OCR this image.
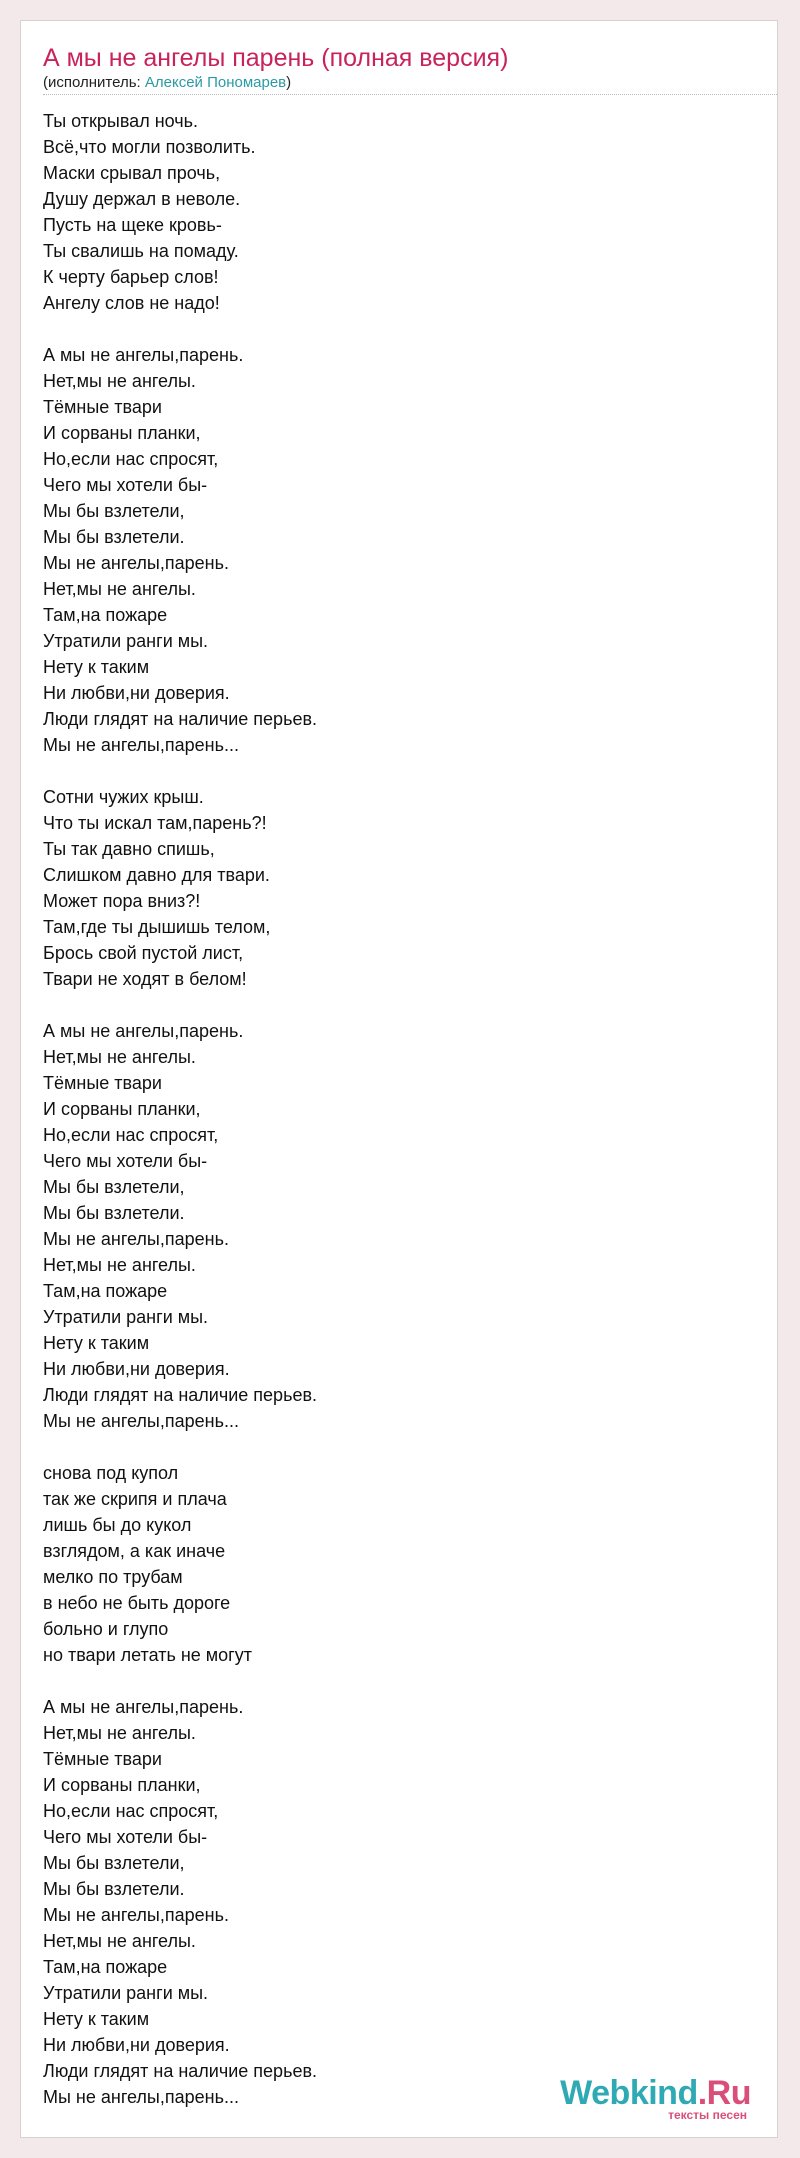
А мы не ангелы парень (полная версия)
(исполнитель: Алексей Пономарев)
Ты открывал ночь.
Всё,что могли позволить.
Маски срывал прочь,
Душу держал в неволе.
Пусть на щеке кровь-
Ты свалишь на помаду.
К черту барьер слов!
Ангелу слов не надо!
А мы не ангелы,парень.
Нет,мы не ангелы.
Тёмные твари
И сорваны планки,
Но,если нас спросят,
Чего мы хотели бы-
Мы бы взлетели,
Мы бы взлетели.
Мы не ангелы,парень.
Нет,мы не ангелы.
Там,на пожаре
Утратили ранги мы.
Нету к таким
Ни любви,ни доверия.
Люди глядят на наличие перьев.
Мы не ангелы,парень...
Сотни чужих крыш.
Что ты искал там,парень?!
Ты так давно спишь,
Слишком давно для твари.
Может пора вниз?!
Там,где ты дышишь телом,
Брось свой пустой лист,
Твари не ходят в белом!
А мы не ангелы,парень.
Нет,мы не ангелы.
Тёмные твари
И сорваны планки,
Но,если нас спросят,
Чего мы хотели бы-
Мы бы взлетели,
Мы бы взлетели.
Мы не ангелы,парень.
Нет,мы не ангелы.
Там,на пожаре
Утратили ранги мы.
Нету к таким
Ни любви,ни доверия.
Люди глядят на наличие перьев.
Мы не ангелы,парень...
снова под купол
так же скрипя и плача
лишь бы до кукол
взглядом, а как иначе
мелко по трубам
в небо не быть дороге
больно и глупо
но твари летать не могут
А мы не ангелы,парень.
Нет,мы не ангелы.
Тёмные твари
И сорваны планки,
Но,если нас спросят,
Чего мы хотели бы-
Мы бы взлетели,
Мы бы взлетели.
Мы не ангелы,парень.
Нет,мы не ангелы.
Там,на пожаре
Утратили ранги мы.
Нету к таким
Ни любви,ни доверия.
Люди глядят на наличие перьев.
Мы не ангелы,парень...	Webkind.Ru
тексты песен
